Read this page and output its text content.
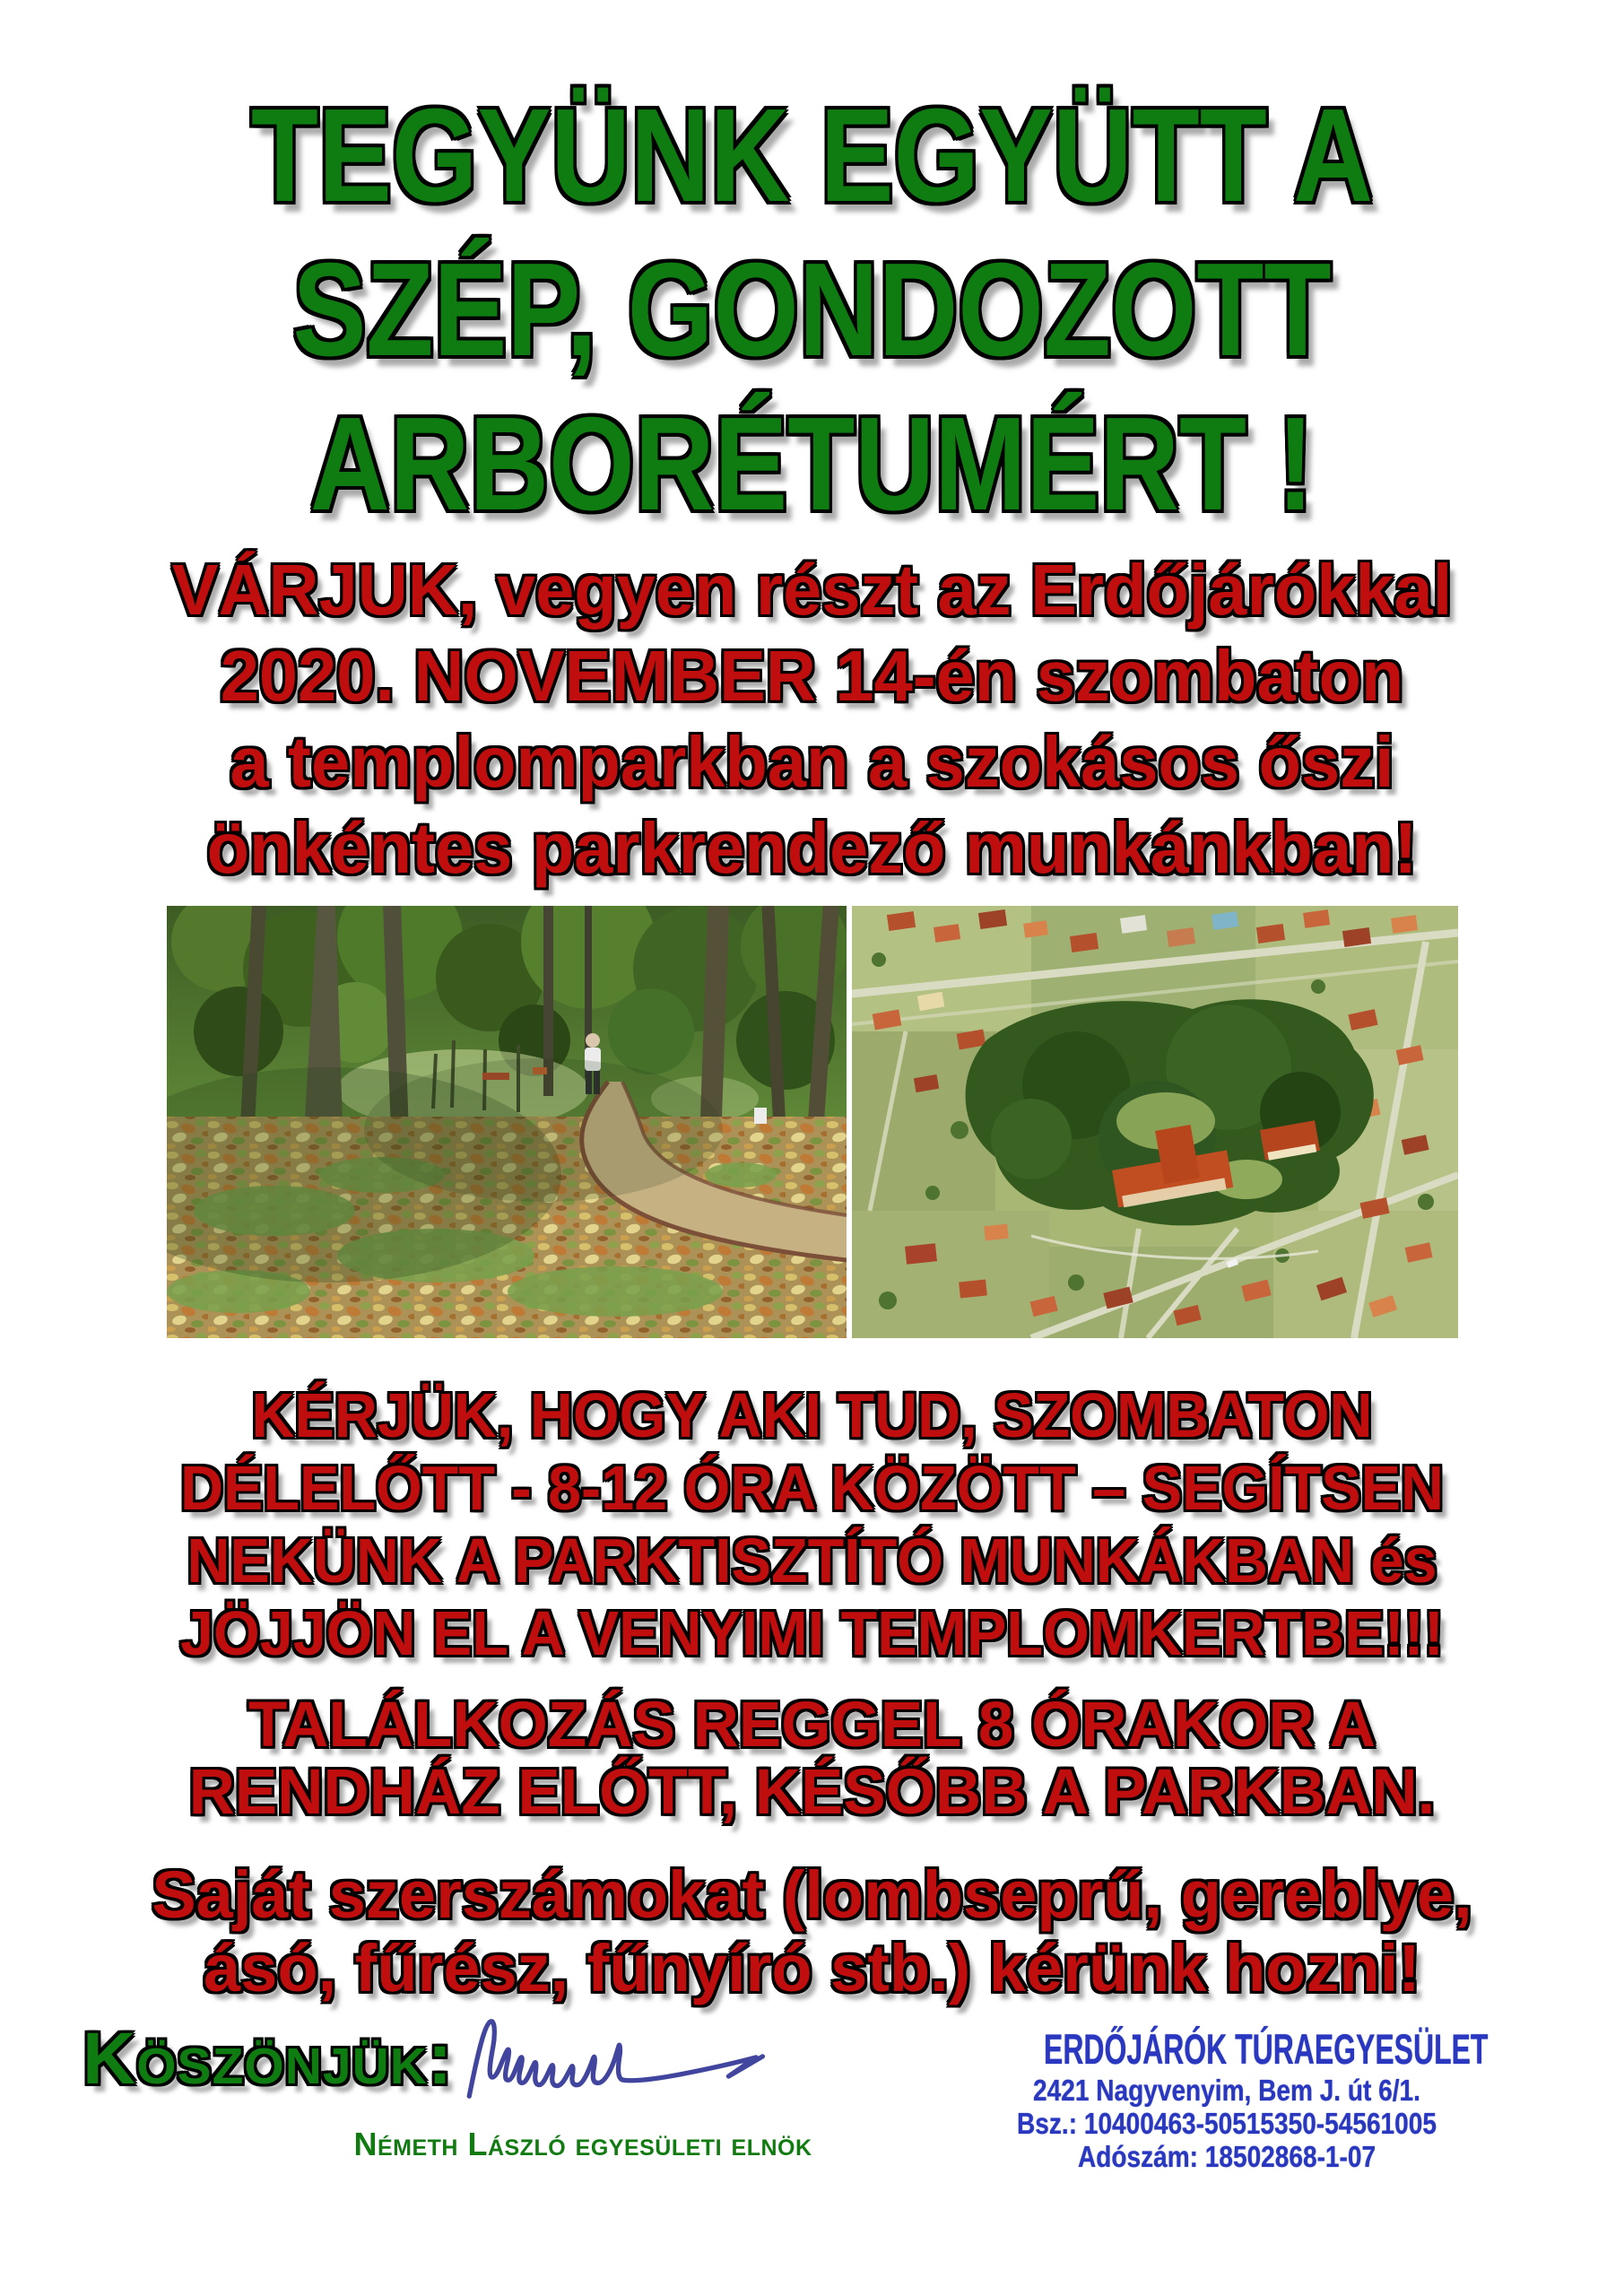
TEGYÜNK EGYÜTT A
SZÉP, GONDOZOTT
ARBORÉTUMÉRT !
VÁRJUK, vegyen részt az Erdőjárókkal
2020. NOVEMBER 14-én szombaton
a templomparkban a szokásos őszi
önkéntes parkrendező munkánkban!
KÉRJÜK, HOGY AKI TUD, SZOMBATON
DÉLELŐTT - 8-12 ÓRA KÖZÖTT – SEGÍTSEN
NEKÜNK A PARKTISZTÍTÓ MUNKÁKBAN és
JÖJJÖN EL A VENYIMI TEMPLOMKERTBE!!!
TALÁLKOZÁS REGGEL 8 ÓRAKOR A
RENDHÁZ ELŐTT, KÉSŐBB A PARKBAN.
Saját szerszámokat (lombseprű, gereblye,
ásó, fűrész, fűnyíró stb.) kérünk hozni!
Köszönjük:
Németh László egyesületi elnök
ERDŐJÁRÓK TÚRAEGYESÜLET
2421 Nagyvenyim, Bem J. út 6/1.
Bsz.: 10400463-50515350-54561005
Adószám: 18502868-1-07
